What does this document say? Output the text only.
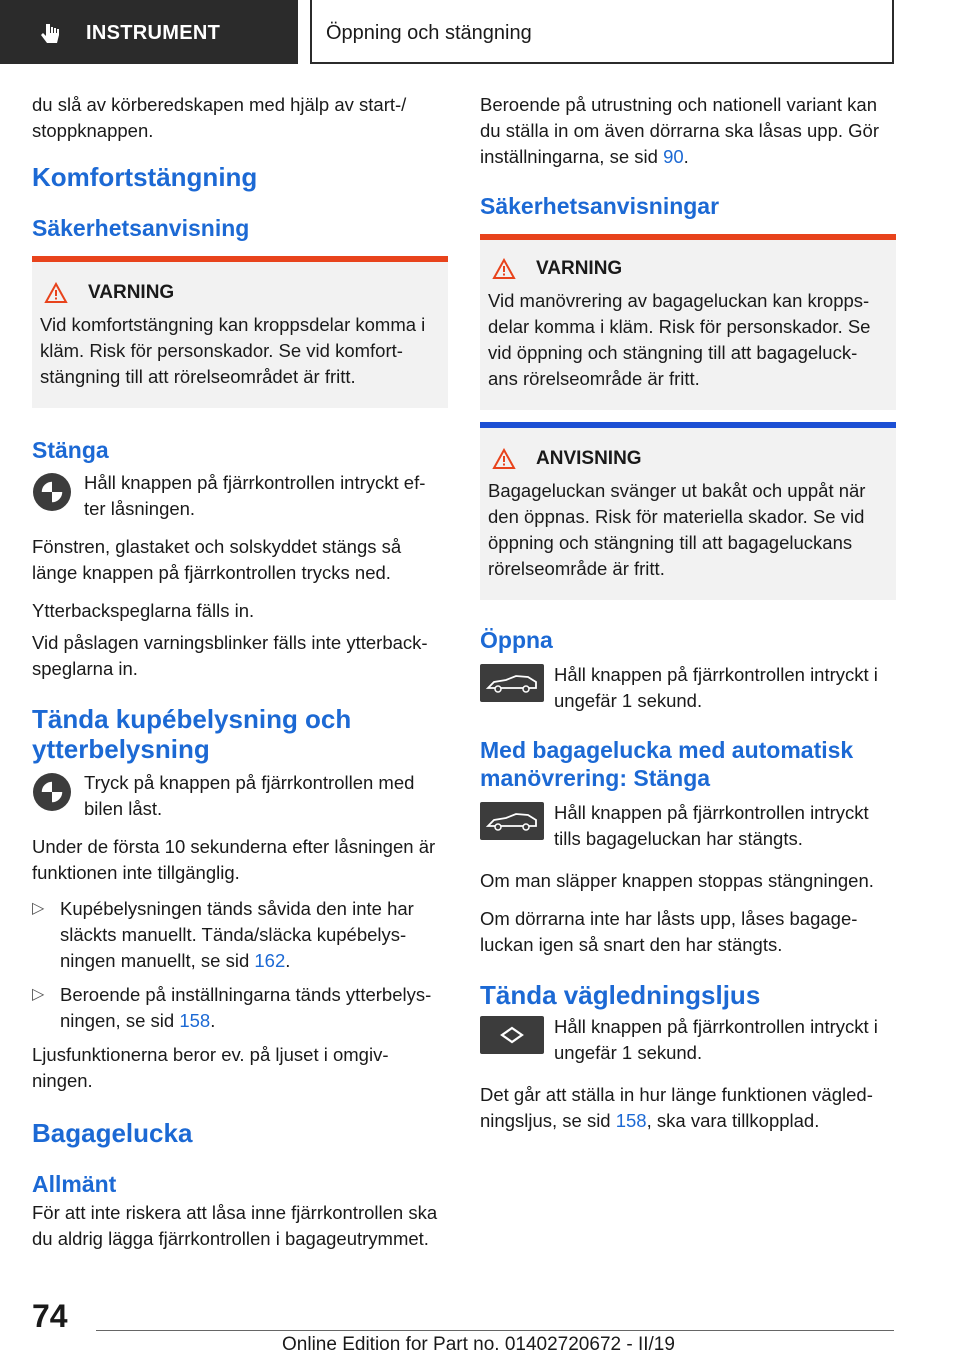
INSTRUMENT	Öppning och stängning

du slå av körberedskapen med hjälp av start-/ stoppknappen.

Komfortstängning
Säkerhetsanvisning
VARNING

Vid komfortstängning kan kroppsdelar komma i kläm. Risk för personskador. Se vid komfort- stängning till att rörelseområdet är fritt.

Stänga

Håll knappen på fjärrkontrollen intryckt ef- ter låsningen.

Fönstren, glastaket och solskyddet stängs så länge knappen på fjärrkontrollen trycks ned.

Ytterbackspeglarna fälls in.

Vid påslagen varningsblinker fälls inte ytterback- speglarna in.

Tända kupébelysning och ytterbelysning

Tryck på knappen på fjärrkontrollen med bilen låst.

Under de första 10 sekunderna efter låsningen är funktionen inte tillgänglig.

▷ Kupébelysningen tänds såvida den inte har släckts manuellt. Tända/släcka kupébelys- ningen manuellt, se sid 162.
▷ Beroende på inställningarna tänds ytterbelys- ningen, se sid 158.

Ljusfunktionerna beror ev. på ljuset i omgiv- ningen.

Bagagelucka
Allmänt

För att inte riskera att låsa inne fjärrkontrollen ska du aldrig lägga fjärrkontrollen i bagageutrymmet.

Beroende på utrustning och nationell variant kan du ställa in om även dörrarna ska låsas upp. Gör inställningarna, se sid 90.

Säkerhetsanvisningar
VARNING

Vid manövrering av bagageluckan kan kropps- delar komma i kläm. Risk för personskador. Se vid öppning och stängning till att bagageluck- ans rörelseområde är fritt.

ANVISNING

Bagageluckan svänger ut bakåt och uppåt när den öppnas. Risk för materiella skador. Se vid öppning och stängning till att bagageluckans rörelseområde är fritt.

Öppna

Håll knappen på fjärrkontrollen intryckt i ungefär 1 sekund.

Med bagagelucka med automatisk manövrering: Stänga

Håll knappen på fjärrkontrollen intryckt tills bagageluckan har stängts.

Om man släpper knappen stoppas stängningen.

Om dörrarna inte har låsts upp, låses bagage- luckan igen så snart den har stängts.

Tända vägledningsljus

Håll knappen på fjärrkontrollen intryckt i ungefär 1 sekund.

Det går att ställa in hur länge funktionen vägled- ningsljus, se sid 158, ska vara tillkopplad.

74
Online Edition for Part no. 01402720672 - II/19
